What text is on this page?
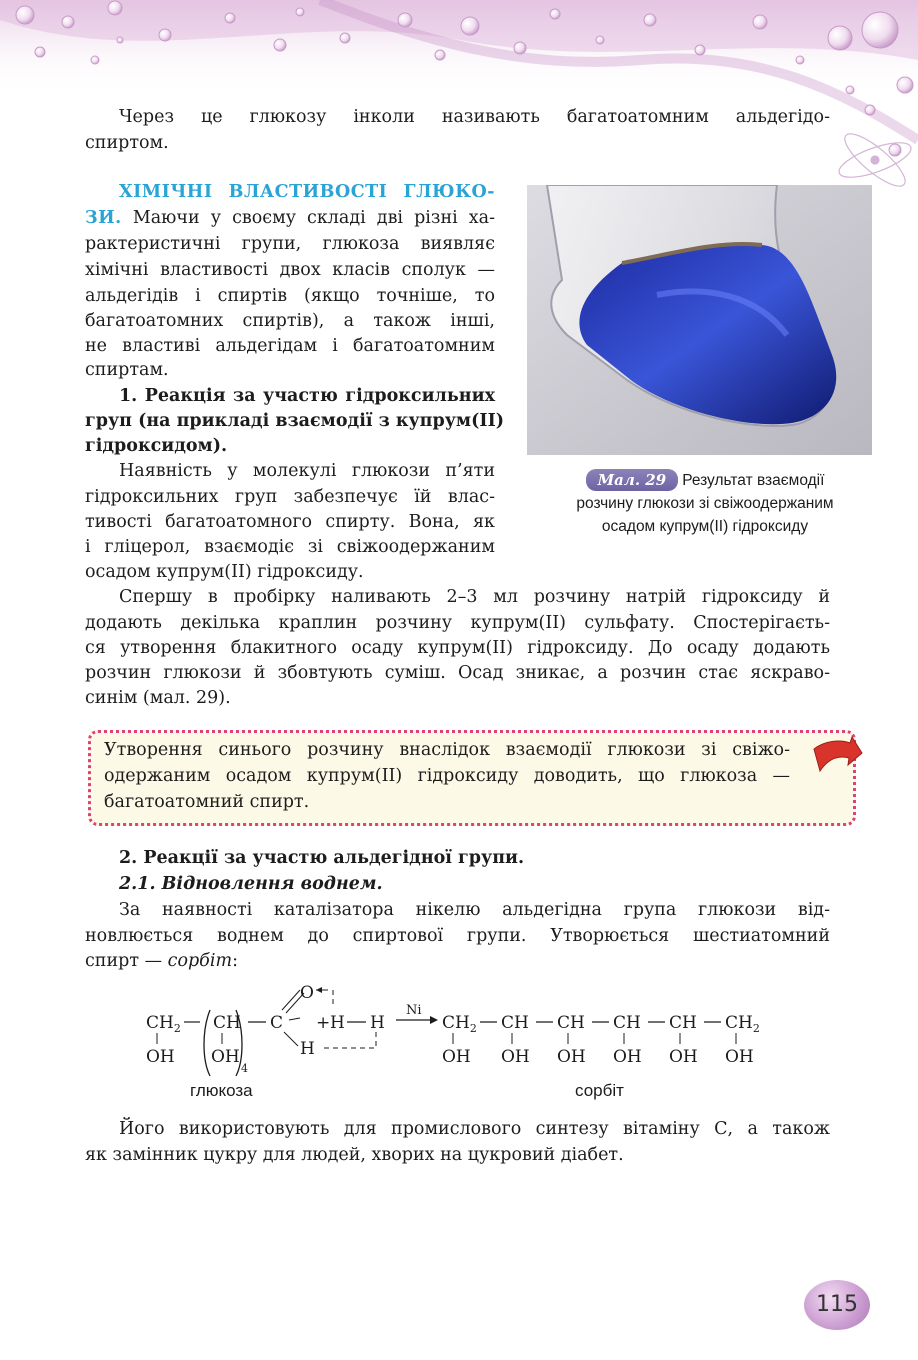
Через це глюкозу інколи називають багатоатомним альдегідо-

спиртом.

ХІМІЧНІ ВЛАСТИВОСТІ ГЛЮКО-
ЗИ. Маючи у своєму складі дві різні ха-

рактеристичні групи, глюкоза виявляє

хімічні властивості двох класів сполук —

альдегідів і спиртів (якщо точніше, то

багатоатомних спиртів), а також інші,

не властиві альдегідам і багатоатомним

спиртам.

1. Реакція за участю гідроксильних

груп (на прикладі взаємодії з купрум(II)

гідроксидом).

Наявність у молекулі глюкози п’яти

гідроксильних груп забезпечує їй влас-

тивості багатоатомного спирту. Вона, як

і гліцерол, взаємодіє зі свіжоодержаним

осадом купрум(II) гідроксиду.

Мал. 29 Результат взаємодії
розчину глюкози зі свіжоодержаним
осадом купрум(II) гідроксиду

Спершу в пробірку наливають 2–3 мл розчину натрій гідроксиду й

додають декілька краплин розчину купрум(II) сульфату. Спостерігаєть-

ся утворення блакитного осаду купрум(II) гідроксиду. До осаду додають

розчин глюкози й збовтують суміш. Осад зникає, а розчин стає яскраво-

синім (мал. 29).

Утворення синього розчину внаслідок взаємодії глюкози зі свіжо-
одержаним осадом купрум(II) гідроксиду доводить, що глюкоза —
багатоатомний спирт.

2. Реакції за участю альдегідної групи.

2.1. Відновлення воднем.

За наявності каталізатора нікелю альдегідна група глюкози від-

новлюється воднем до спиртової групи. Утворюється шестиатомний

спирт — сорбіт:
$CH_2$
OH
CH
OH
4
C
O
H
+ H H
Ni
$CH_2$
OH
CH
OH
CH
OH
CH
OH
CH
OH
$CH_2$
OH
глюкоза	сорбіт

Його використовують для промислового синтезу вітаміну С, а також

як замінник цукру для людей, хворих на цукровий діабет.

115
